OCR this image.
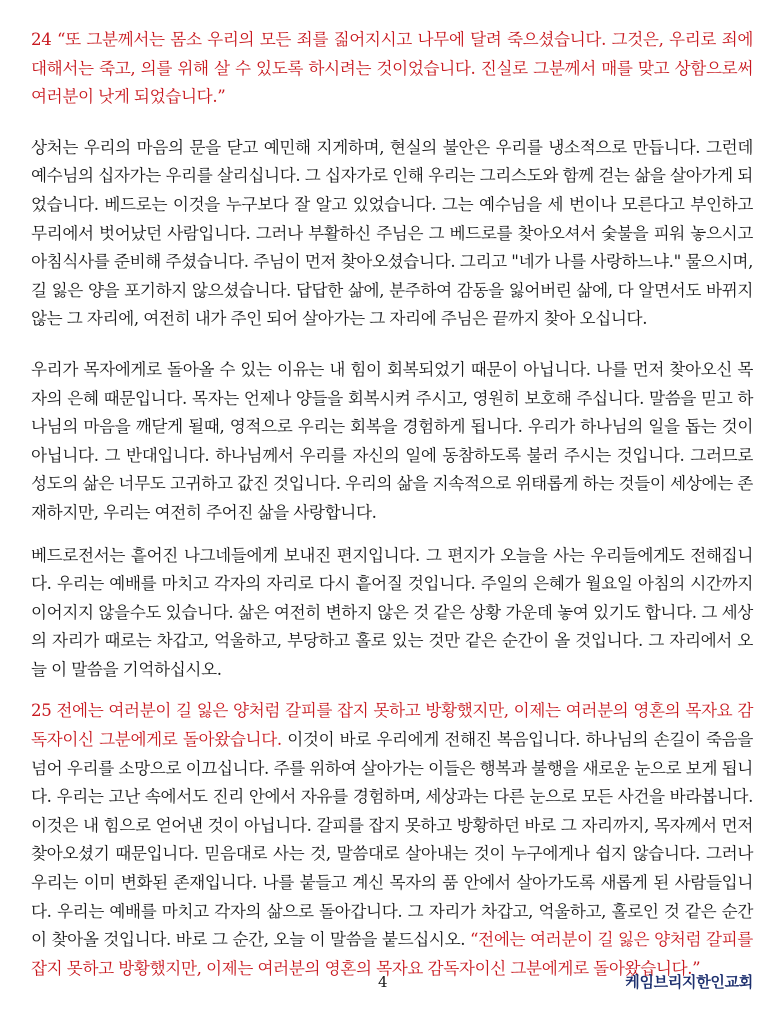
24 “또 그분께서는 몸소 우리의 모든 죄를 짊어지시고 나무에 달려 죽으셨습니다. 그것은, 우리로 죄에 대해서는 죽고, 의를 위해 살 수 있도록 하시려는 것이었습니다. 진실로 그분께서 매를 맞고 상함으로써 여러분이 낫게 되었습니다.”

상처는 우리의 마음의 문을 닫고 예민해 지게하며, 현실의 불안은 우리를 냉소적으로 만듭니다. 그런데 예수님의 십자가는 우리를 살리십니다. 그 십자가로 인해 우리는 그리스도와 함께 걷는 삶을 살아가게 되었습니다. 베드로는 이것을 누구보다 잘 알고 있었습니다. 그는 예수님을 세 번이나 모른다고 부인하고 무리에서 벗어났던 사람입니다. 그러나 부활하신 주님은 그 베드로를 찾아오셔서 숯불을 피워 놓으시고 아침식사를 준비해 주셨습니다. 주님이 먼저 찾아오셨습니다. 그리고 "네가 나를 사랑하느냐." 물으시며, 길 잃은 양을 포기하지 않으셨습니다. 답답한 삶에, 분주하여 감동을 잃어버린 삶에, 다 알면서도 바뀌지 않는 그 자리에, 여전히 내가 주인 되어 살아가는 그 자리에 주님은 끝까지 찾아 오십니다.

우리가 목자에게로 돌아올 수 있는 이유는 내 힘이 회복되었기 때문이 아닙니다. 나를 먼저 찾아오신 목자의 은혜 때문입니다. 목자는 언제나 양들을 회복시켜 주시고, 영원히 보호해 주십니다. 말씀을 믿고 하나님의 마음을 깨닫게 될때, 영적으로 우리는 회복을 경험하게 됩니다. 우리가 하나님의 일을 돕는 것이 아닙니다. 그 반대입니다. 하나님께서 우리를 자신의 일에 동참하도록 불러 주시는 것입니다. 그러므로 성도의 삶은 너무도 고귀하고 값진 것입니다. 우리의 삶을 지속적으로 위태롭게 하는 것들이 세상에는 존재하지만, 우리는 여전히 주어진 삶을 사랑합니다.

베드로전서는 흩어진 나그네들에게 보내진 편지입니다. 그 편지가 오늘을 사는 우리들에게도 전해집니다. 우리는 예배를 마치고 각자의 자리로 다시 흩어질 것입니다. 주일의 은혜가 월요일 아침의 시간까지 이어지지 않을수도 있습니다. 삶은 여전히 변하지 않은 것 같은 상황 가운데 놓여 있기도 합니다. 그 세상의 자리가 때로는 차갑고, 억울하고, 부당하고 홀로 있는 것만 같은 순간이 올 것입니다. 그 자리에서 오늘 이 말씀을 기억하십시오.

25 전에는 여러분이 길 잃은 양처럼 갈피를 잡지 못하고 방황했지만, 이제는 여러분의 영혼의 목자요 감독자이신 그분에게로 돌아왔습니다. 이것이 바로 우리에게 전해진 복음입니다. 하나님의 손길이 죽음을 넘어 우리를 소망으로 이끄십니다. 주를 위하여 살아가는 이들은 행복과 불행을 새로운 눈으로 보게 됩니다. 우리는 고난 속에서도 진리 안에서 자유를 경험하며, 세상과는 다른 눈으로 모든 사건을 바라봅니다. 이것은 내 힘으로 얻어낸 것이 아닙니다. 갈피를 잡지 못하고 방황하던 바로 그 자리까지, 목자께서 먼저 찾아오셨기 때문입니다. 믿음대로 사는 것, 말씀대로 살아내는 것이 누구에게나 쉽지 않습니다. 그러나 우리는 이미 변화된 존재입니다. 나를 붙들고 계신 목자의 품 안에서 살아가도록 새롭게 된 사람들입니다. 우리는 예배를 마치고 각자의 삶으로 돌아갑니다. 그 자리가 차갑고, 억울하고, 홀로인 것 같은 순간이 찾아올 것입니다. 바로 그 순간, 오늘 이 말씀을 붙드십시오. “전에는 여러분이 길 잃은 양처럼 갈피를 잡지 못하고 방황했지만, 이제는 여러분의 영혼의 목자요 감독자이신 그분에게로 돌아왔습니다.”

4	케임브리지한인교회
